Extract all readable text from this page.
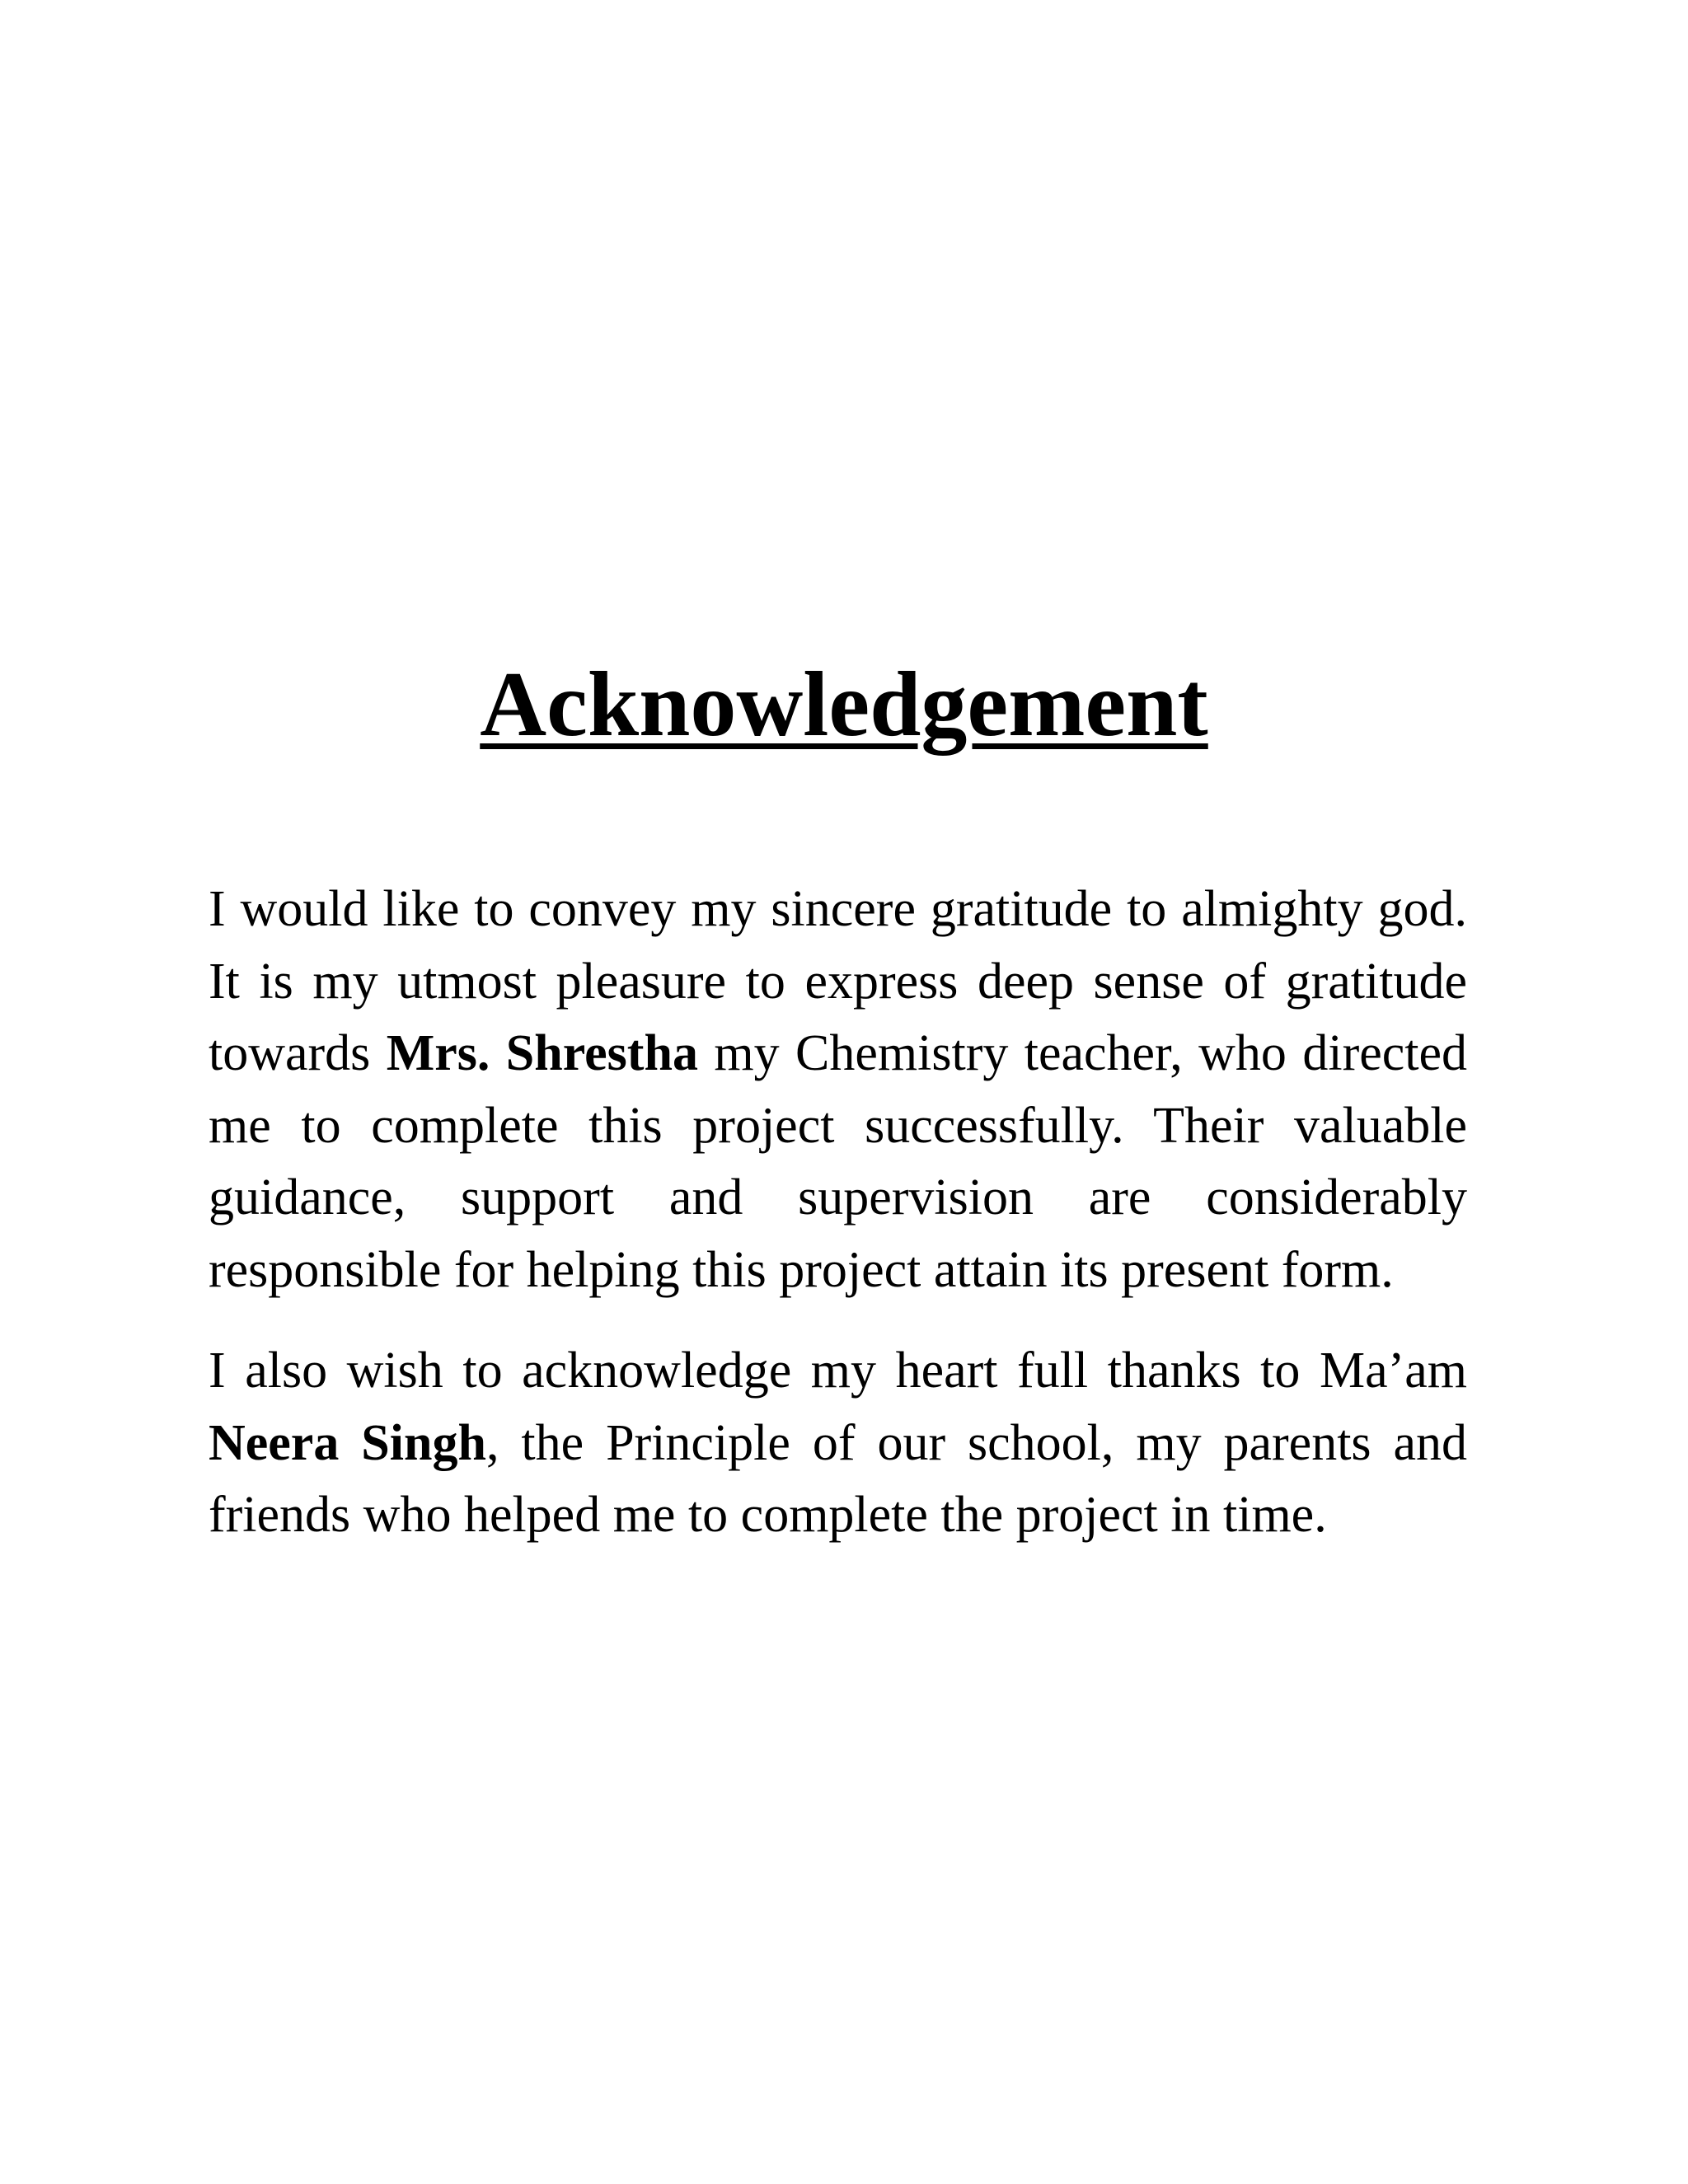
Acknowledgement

I would like to convey my sincere gratitude to almighty god. It is my utmost pleasure to express deep sense of gratitude towards Mrs. Shrestha my Chemistry teacher, who directed me to complete this project successfully. Their valuable guidance, support and supervision are considerably responsible for helping this project attain its present form.

I also wish to acknowledge my heart full thanks to Ma’am Neera Singh, the Principle of our school, my parents and friends who helped me to complete the project in time.
